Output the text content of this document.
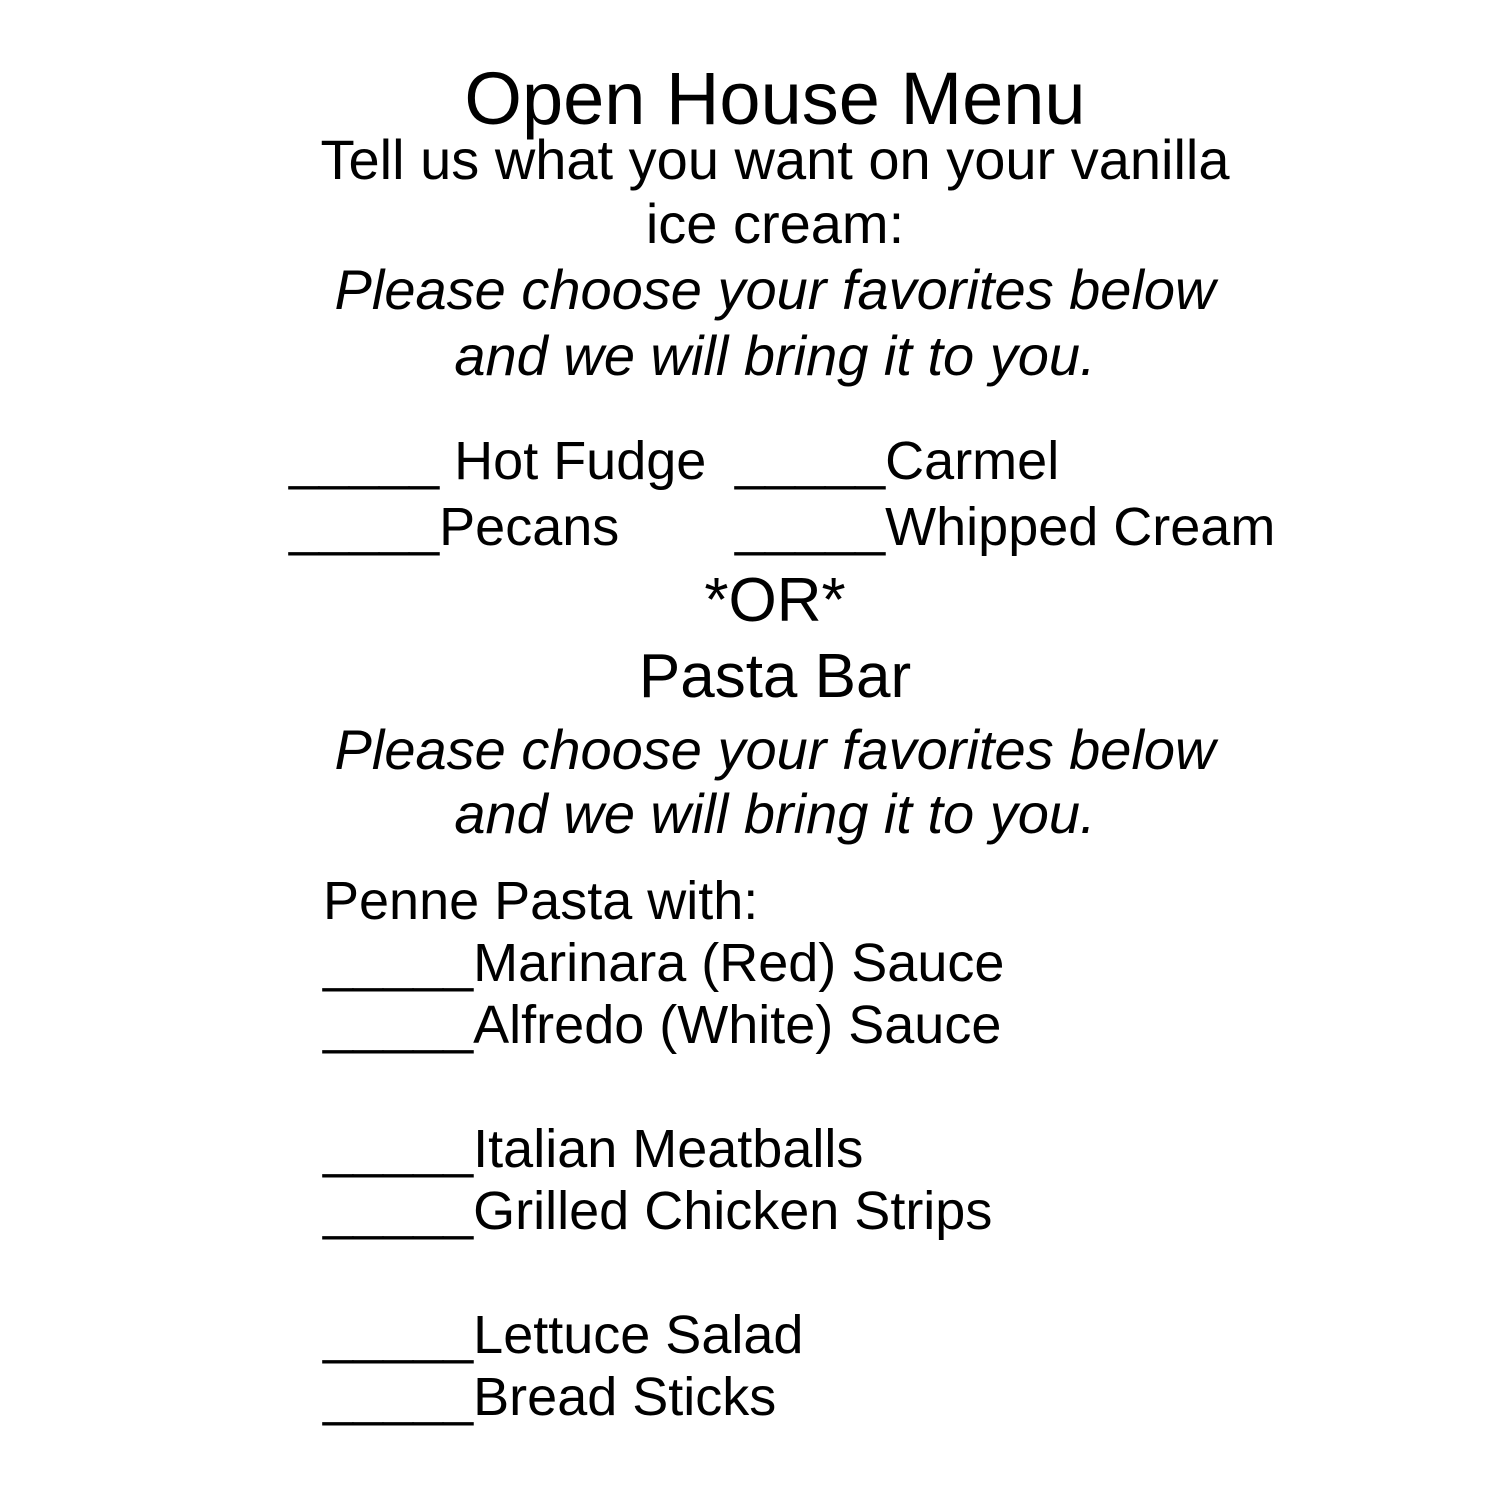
Open House Menu
Tell us what you want on your vanilla
ice cream:
Please choose your favorites below
and we will bring it to you.
_____ Hot Fudge _____Carmel
_____Pecans _____Whipped Cream
*OR*
Pasta Bar
Please choose your favorites below
and we will bring it to you.
Penne Pasta with:
_____Marinara (Red) Sauce
_____Alfredo (White) Sauce
_____Italian Meatballs
_____Grilled Chicken Strips
_____Lettuce Salad
_____Bread Sticks
